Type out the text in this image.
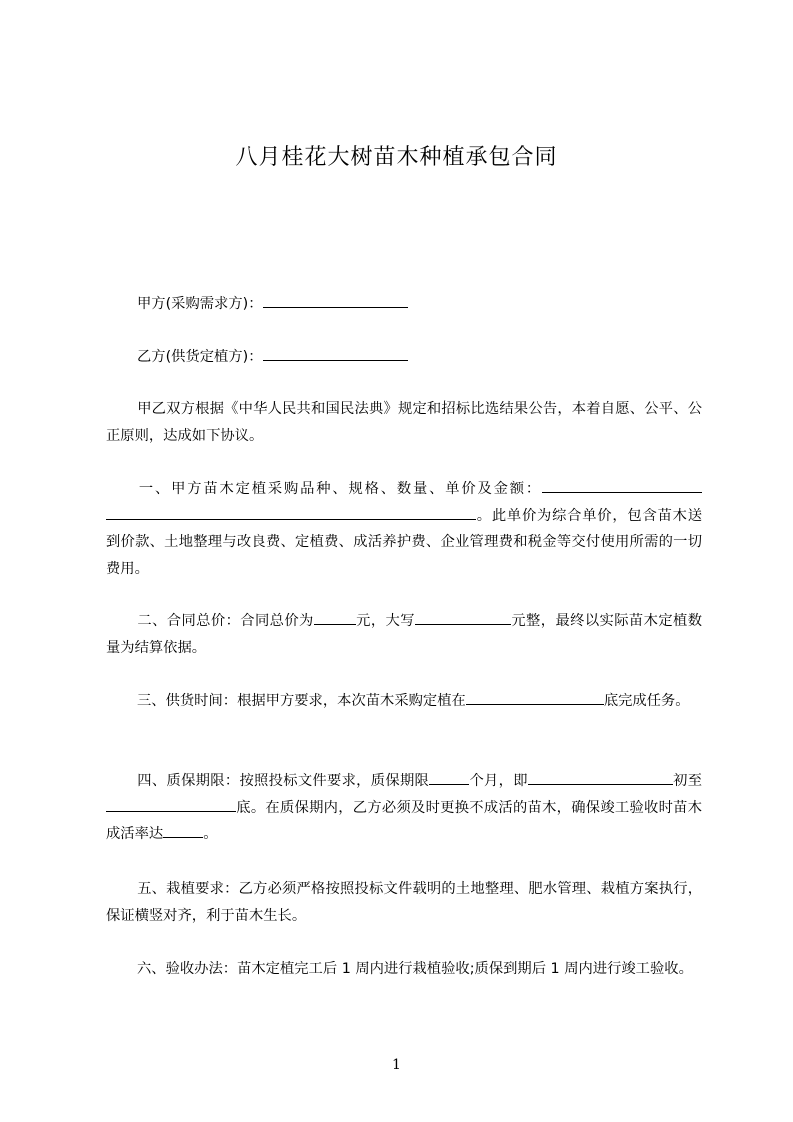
八月桂花大树苗木种植承包合同
甲方(采购需求方)：
乙方(供货定植方)：
甲乙双方根据《中华人民共和国民法典》规定和招标比选结果公告，本着自愿、公平、公正原则，达成如下协议。
一、甲方苗木定植采购品种、规格、数量、单价及金额：。此单价为综合单价，包含苗木送到价款、土地整理与改良费、定植费、成活养护费、企业管理费和税金等交付使用所需的一切费用。
二、合同总价：合同总价为	元，大写	元整，最终以实际苗木定植数量为结算依据。
三、供货时间：根据甲方要求，本次苗木采购定植在	底完成任务。
四、质保期限：按照投标文件要求，质保期限	个月，即	初至底。在质保期内，乙方必须及时更换不成活的苗木，确保竣工验收时苗木成活率达	。
五、栽植要求：乙方必须严格按照投标文件载明的土地整理、肥水管理、栽植方案执行，保证横竖对齐，利于苗木生长。
六、验收办法：苗木定植完工后 1 周内进行栽植验收;质保到期后 1 周内进行竣工验收。
1
